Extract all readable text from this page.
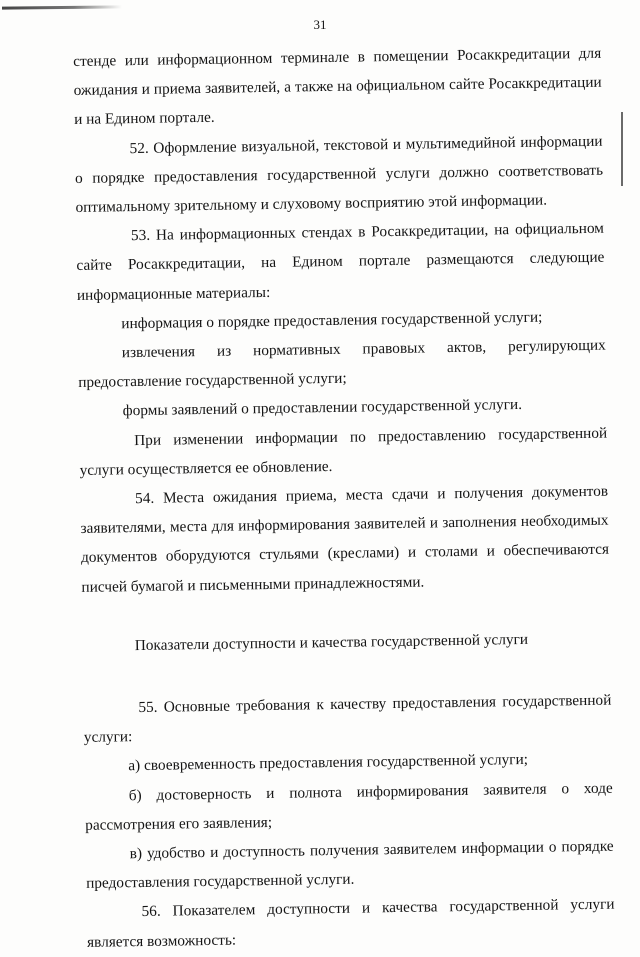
31

стенде или информационном терминале в помещении Росаккредитации для ожидания и приема заявителей, а также на официальном сайте Росаккредитации и на Едином портале.

52. Оформление визуальной, текстовой и мультимедийной информации о порядке предоставления государственной услуги должно соответствовать оптимальному зрительному и слуховому восприятию этой информации.

53. На информационных стендах в Росаккредитации, на официальном сайте Росаккредитации, на Едином портале размещаются следующие информационные материалы:

информация о порядке предоставления государственной услуги;

извлечения из нормативных правовых актов, регулирующих предоставление государственной услуги;

формы заявлений о предоставлении государственной услуги.

При изменении информации по предоставлению государственной услуги осуществляется ее обновление.

54. Места ожидания приема, места сдачи и получения документов заявителями, места для информирования заявителей и заполнения необходимых документов оборудуются стульями (креслами) и столами и обеспечиваются писчей бумагой и письменными принадлежностями.

Показатели доступности и качества государственной услуги

55. Основные требования к качеству предоставления государственной услуги:

а) своевременность предоставления государственной услуги;

б) достоверность и полнота информирования заявителя о ходе рассмотрения его заявления;

в) удобство и доступность получения заявителем информации о порядке предоставления государственной услуги.

56. Показателем доступности и качества государственной услуги является возможность:
